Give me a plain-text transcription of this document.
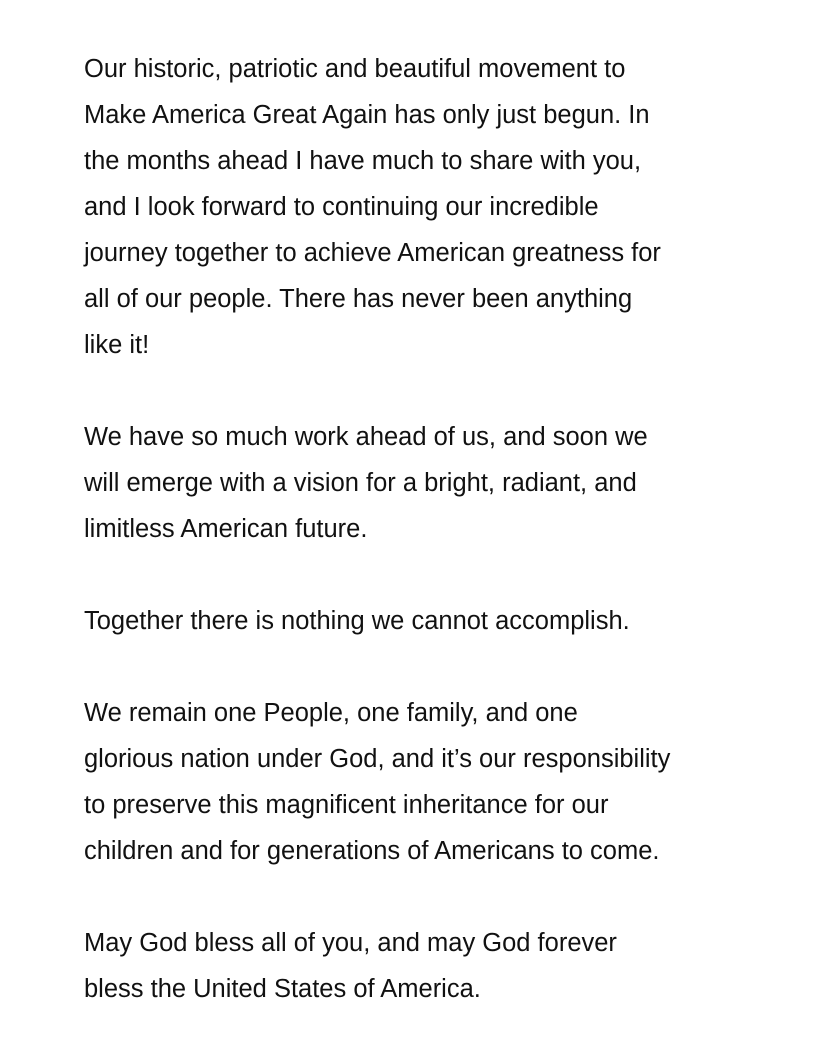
Our historic, patriotic and beautiful movement to
Make America Great Again has only just begun. In
the months ahead I have much to share with you,
and I look forward to continuing our incredible
journey together to achieve American greatness for
all of our people. There has never been anything
like it!

We have so much work ahead of us, and soon we
will emerge with a vision for a bright, radiant, and
limitless American future.

Together there is nothing we cannot accomplish.

We remain one People, one family, and one
glorious nation under God, and it’s our responsibility
to preserve this magnificent inheritance for our
children and for generations of Americans to come.

May God bless all of you, and may God forever
bless the United States of America.
